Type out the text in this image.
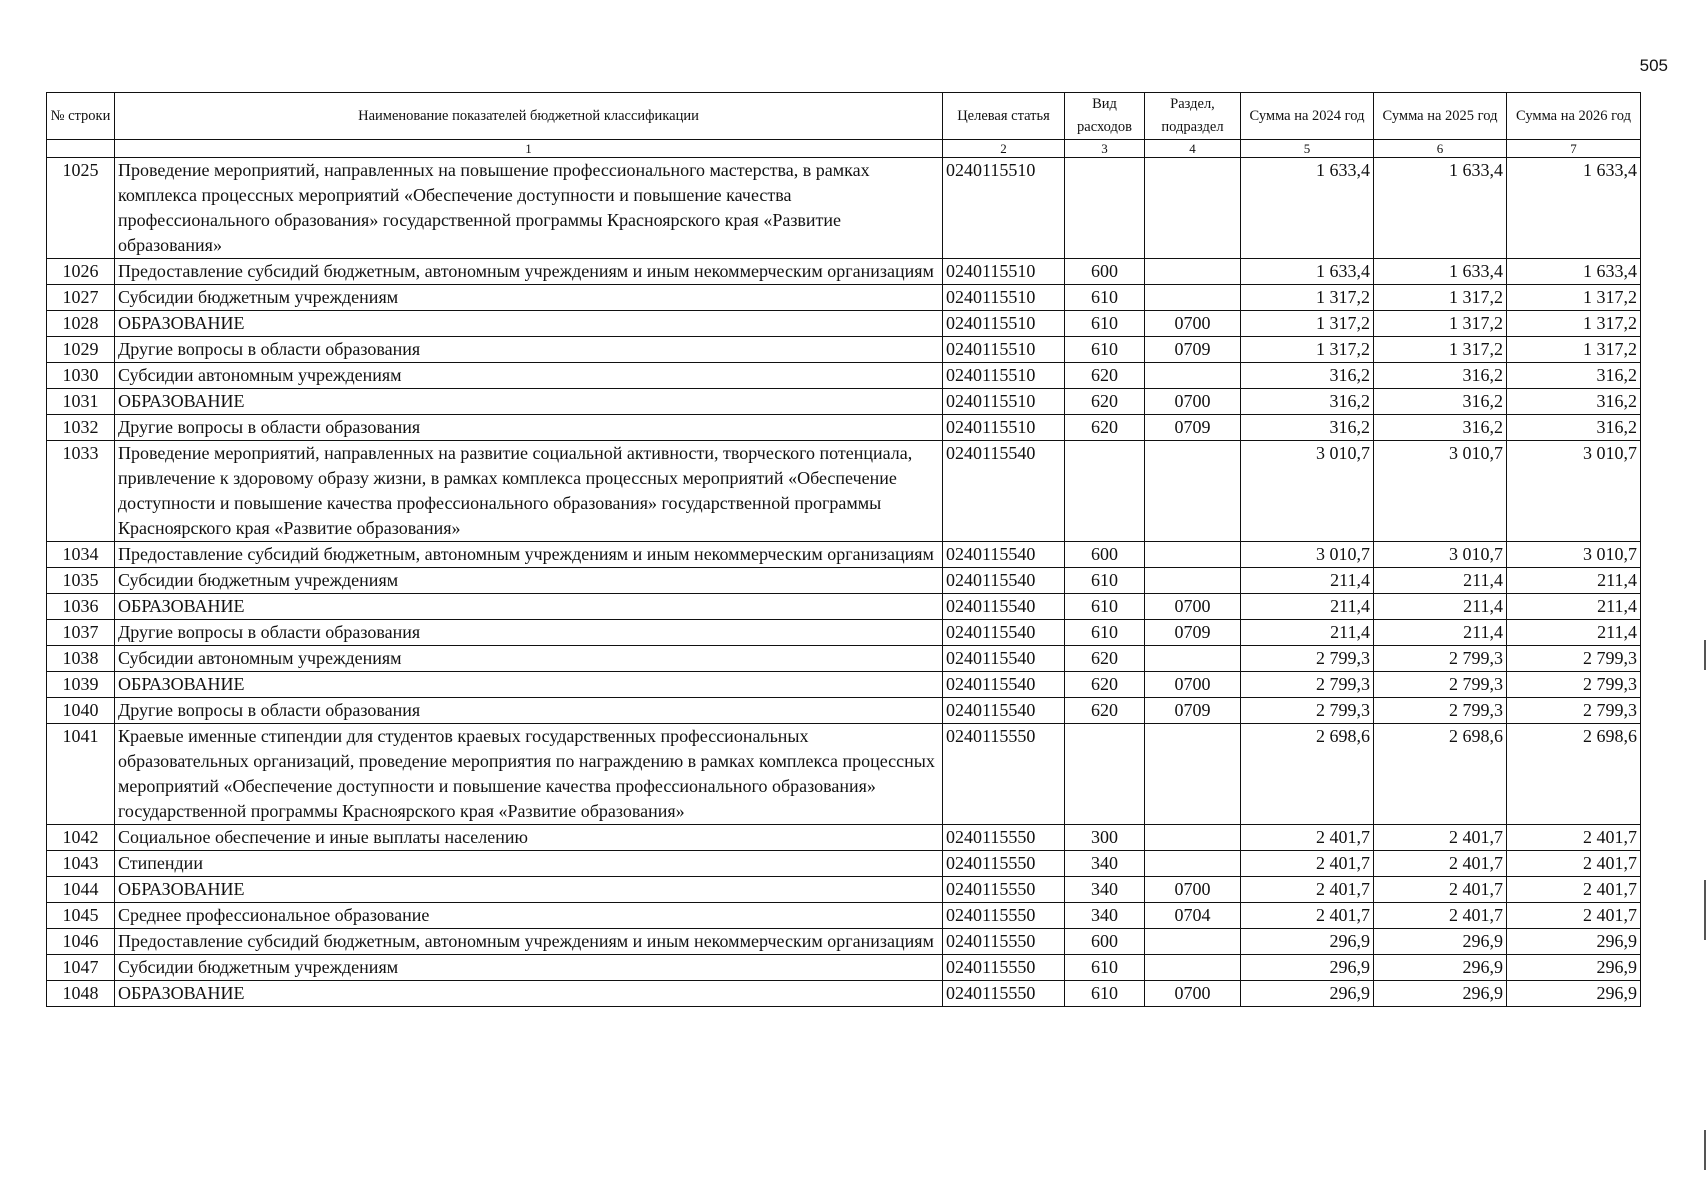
505
№ строки	Наименование показателей бюджетной классификации	Целевая статья	Вид расходов	Раздел, подраздел	Сумма на 2024 год	Сумма на 2025 год	Сумма на 2026 год
	1	2	3	4	5	6	7
1025	Проведение мероприятий, направленных на повышение профессионального мастерства, в рамках комплекса процессных мероприятий «Обеспечение доступности и повышение качества профессионального образования» государственной программы Красноярского края «Развитие образования»	0240115510			1 633,4	1 633,4	1 633,4
1026	Предоставление субсидий бюджетным, автономным учреждениям и иным некоммерческим организациям	0240115510	600		1 633,4	1 633,4	1 633,4
1027	Субсидии бюджетным учреждениям	0240115510	610		1 317,2	1 317,2	1 317,2
1028	ОБРАЗОВАНИЕ	0240115510	610	0700	1 317,2	1 317,2	1 317,2
1029	Другие вопросы в области образования	0240115510	610	0709	1 317,2	1 317,2	1 317,2
1030	Субсидии автономным учреждениям	0240115510	620		316,2	316,2	316,2
1031	ОБРАЗОВАНИЕ	0240115510	620	0700	316,2	316,2	316,2
1032	Другие вопросы в области образования	0240115510	620	0709	316,2	316,2	316,2
1033	Проведение мероприятий, направленных на развитие социальной активности, творческого потенциала, привлечение к здоровому образу жизни, в рамках комплекса процессных мероприятий «Обеспечение доступности и повышение качества профессионального образования» государственной программы Красноярского края «Развитие образования»	0240115540			3 010,7	3 010,7	3 010,7
1034	Предоставление субсидий бюджетным, автономным учреждениям и иным некоммерческим организациям	0240115540	600		3 010,7	3 010,7	3 010,7
1035	Субсидии бюджетным учреждениям	0240115540	610		211,4	211,4	211,4
1036	ОБРАЗОВАНИЕ	0240115540	610	0700	211,4	211,4	211,4
1037	Другие вопросы в области образования	0240115540	610	0709	211,4	211,4	211,4
1038	Субсидии автономным учреждениям	0240115540	620		2 799,3	2 799,3	2 799,3
1039	ОБРАЗОВАНИЕ	0240115540	620	0700	2 799,3	2 799,3	2 799,3
1040	Другие вопросы в области образования	0240115540	620	0709	2 799,3	2 799,3	2 799,3
1041	Краевые именные стипендии для студентов краевых государственных профессиональных образовательных организаций, проведение мероприятия по награждению в рамках комплекса процессных мероприятий «Обеспечение доступности и повышение качества профессионального образования» государственной программы Красноярского края «Развитие образования»	0240115550			2 698,6	2 698,6	2 698,6
1042	Социальное обеспечение и иные выплаты населению	0240115550	300		2 401,7	2 401,7	2 401,7
1043	Стипендии	0240115550	340		2 401,7	2 401,7	2 401,7
1044	ОБРАЗОВАНИЕ	0240115550	340	0700	2 401,7	2 401,7	2 401,7
1045	Среднее профессиональное образование	0240115550	340	0704	2 401,7	2 401,7	2 401,7
1046	Предоставление субсидий бюджетным, автономным учреждениям и иным некоммерческим организациям	0240115550	600		296,9	296,9	296,9
1047	Субсидии бюджетным учреждениям	0240115550	610		296,9	296,9	296,9
1048	ОБРАЗОВАНИЕ	0240115550	610	0700	296,9	296,9	296,9
